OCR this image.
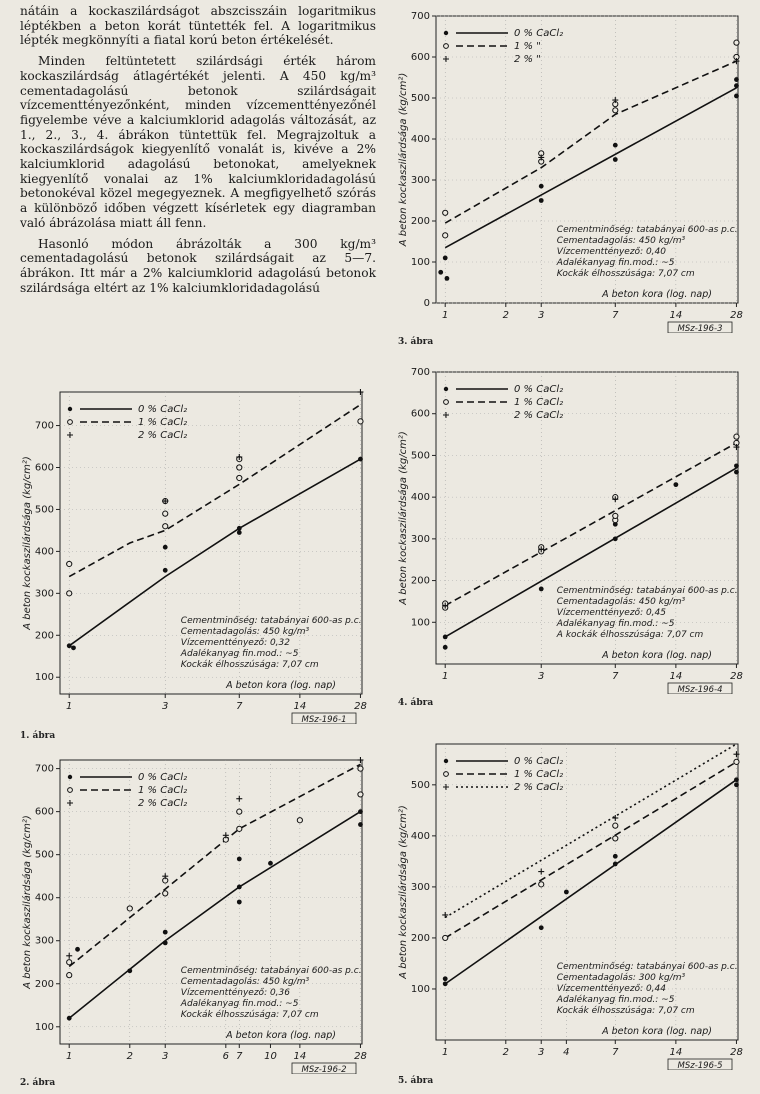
nátáin a kockaszilárdságot abszcisszáin logaritmikus léptékben a beton korát tüntették fel. A logaritmikus lépték megkönnyíti a fiatal korú beton értékelését.

Minden feltüntetett szilárdsági érték három kockaszilárdság átlagértékét jelenti. A 450 kg/m³ cementadagolású betonok szilárdságait vízcementtényezőnként, minden vízcementtényezőnél figyelembe véve a kalciumklorid adagolás változását, az 1., 2., 3., 4. ábrákon tüntettük fel. Megrajzoltuk a kockaszilárdságok kiegyenlítő vonalát is, kivéve a 2% kalciumklorid adagolású betonokat, amelyeknek kiegyenlítő vonalai az 1% kalciumkloridadagolású betonokéval közel megegyeznek. A megfigyelhető szórás a különböző időben végzett kísérletek egy diagramban való ábrázolása miatt áll fenn.

Hasonló módon ábrázolták a 300 kg/m³ cementadagolású betonok szilárdságait az 5—7. ábrákon. Itt már a 2% kalciumklorid adagolású betonok szilárdsága eltért az 1% kalciumkloridadagolású

0
100
200
300
400
500
600
700
1	2	3	7	14	28
A beton kockaszilárdsága (kg/cm²)
0 % CaCl₂
1 % "
2 % "
Cementminőség: tatabányai 600-as p.c.
Cementadagolás: 450 kg/m³
Vízcementtényező: 0,40
Adalékanyag fin.mod.: ~5
Kockák élhosszúsága: 7,07 cm
A beton kora (log. nap)
MSz-196-3
3. ábra
100
200
300
400
500
600
700
1	3	7	14	28
A beton kockaszilárdsága (kg/cm²)
0 % CaCl₂
1 % CaCl₂
2 % CaCl₂
Cementminőség: tatabányai 600-as p.c.
Cementadagolás: 450 kg/m³
Vízcementtényező: 0,32
Adalékanyag fin.mod.: ~5
Kockák élhosszúsága: 7,07 cm
A beton kora (log. nap)
MSz-196-1
1. ábra
100
200
300
400
500
600
700
1	3	7	14	28
A beton kockaszilárdsága (kg/cm²)
0 % CaCl₂
1 % CaCl₂
2 % CaCl₂
Cementminőség: tatabányai 600-as p.c.
Cementadagolás: 450 kg/m³
Vízcementtényező: 0,45
Adalékanyag fin.mod.: ~5
A kockák élhosszúsága: 7,07 cm
A beton kora (log. nap)
MSz-196-4
4. ábra
100
200
300
400
500
600
700
1	2	3	6 7 10 14	28
A beton kockaszilárdsága (kg/cm²)
0 % CaCl₂
1 % CaCl₂
2 % CaCl₂
Cementminőség: tatabányai 600-as p.c.
Cementadagolás: 450 kg/m³
Vízcementtényező: 0,36
Adalékanyag fin.mod.: ~5
Kockák élhosszúsága: 7,07 cm
A beton kora (log. nap)
MSz-196-2
2. ábra
100
200
300
400
500
1	2	3 4	7	14	28
A beton kockaszilárdsága (kg/cm²)
0 % CaCl₂
1 % CaCl₂
2 % CaCl₂
Cementminőség: tatabányai 600-as p.c.
Cementadagolás: 300 kg/m³
Vízcementtényező: 0,44
Adalékanyag fin.mod.: ~5
Kockák élhosszúsága: 7,07 cm
A beton kora (log. nap)
MSz-196-5
5. ábra
